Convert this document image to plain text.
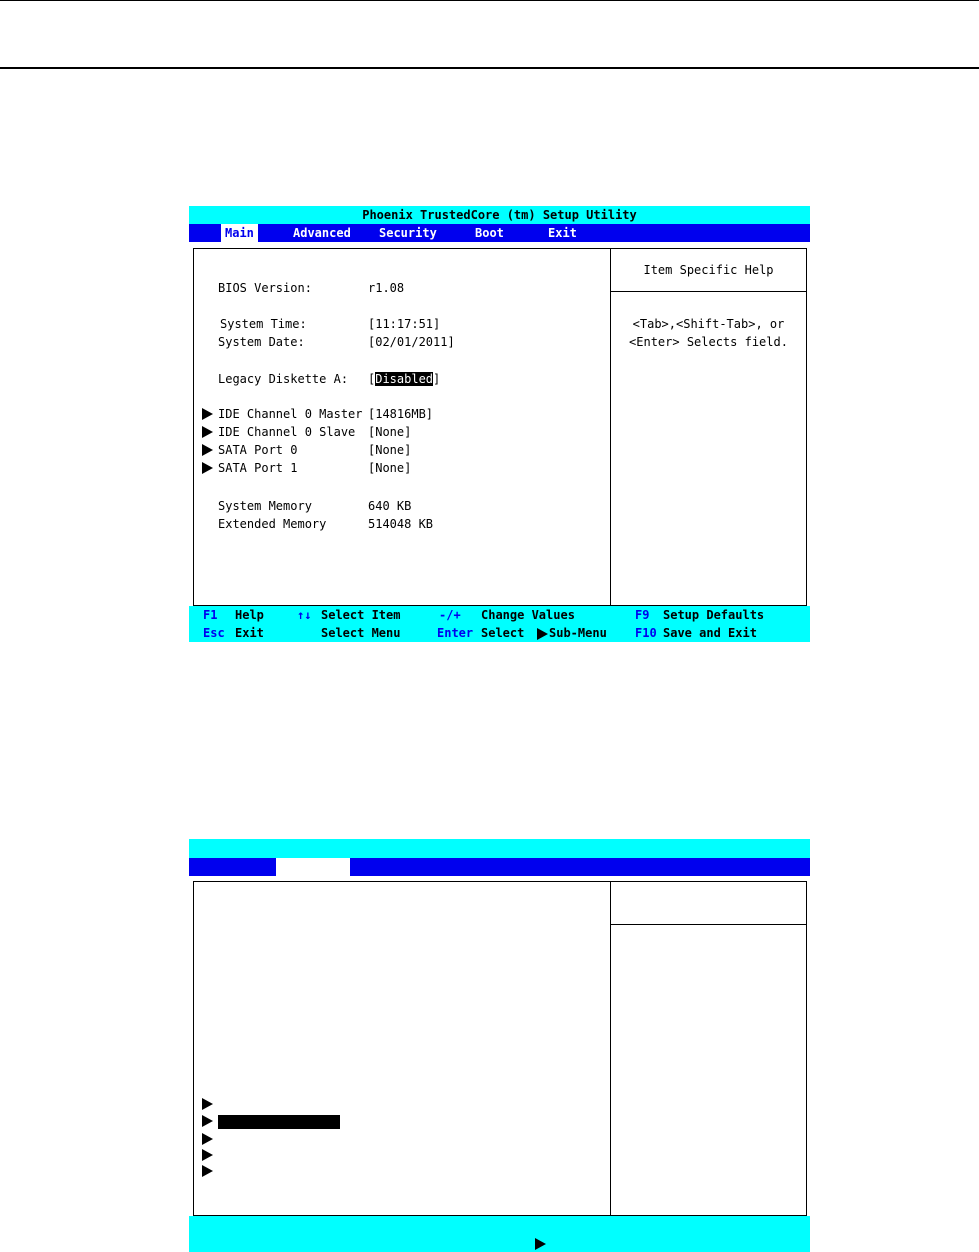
Phoenix TrustedCore (tm) Setup Utility
Main	Advanced Security	Boot	Exit
Item Specific Help
<Tab>,<Shift-Tab>, or
<Enter> Selects field.
BIOS Version:	r1.08
System Time:	[11:17:51]
System Date:	[02/01/2011]
Legacy Diskette A: [Disabled]
IDE Channel 0 Master [14816MB]
IDE Channel 0 Slave [None]
SATA Port 0	[None]
SATA Port 1	[None]
System Memory	640 KB
Extended Memory	514048 KB
F1 Help	↑↓ Select Item	-/+ Change Values	F9 Setup Defaults
Esc Exit	Select Menu	Enter Select Sub-Menu F10 Save and Exit
